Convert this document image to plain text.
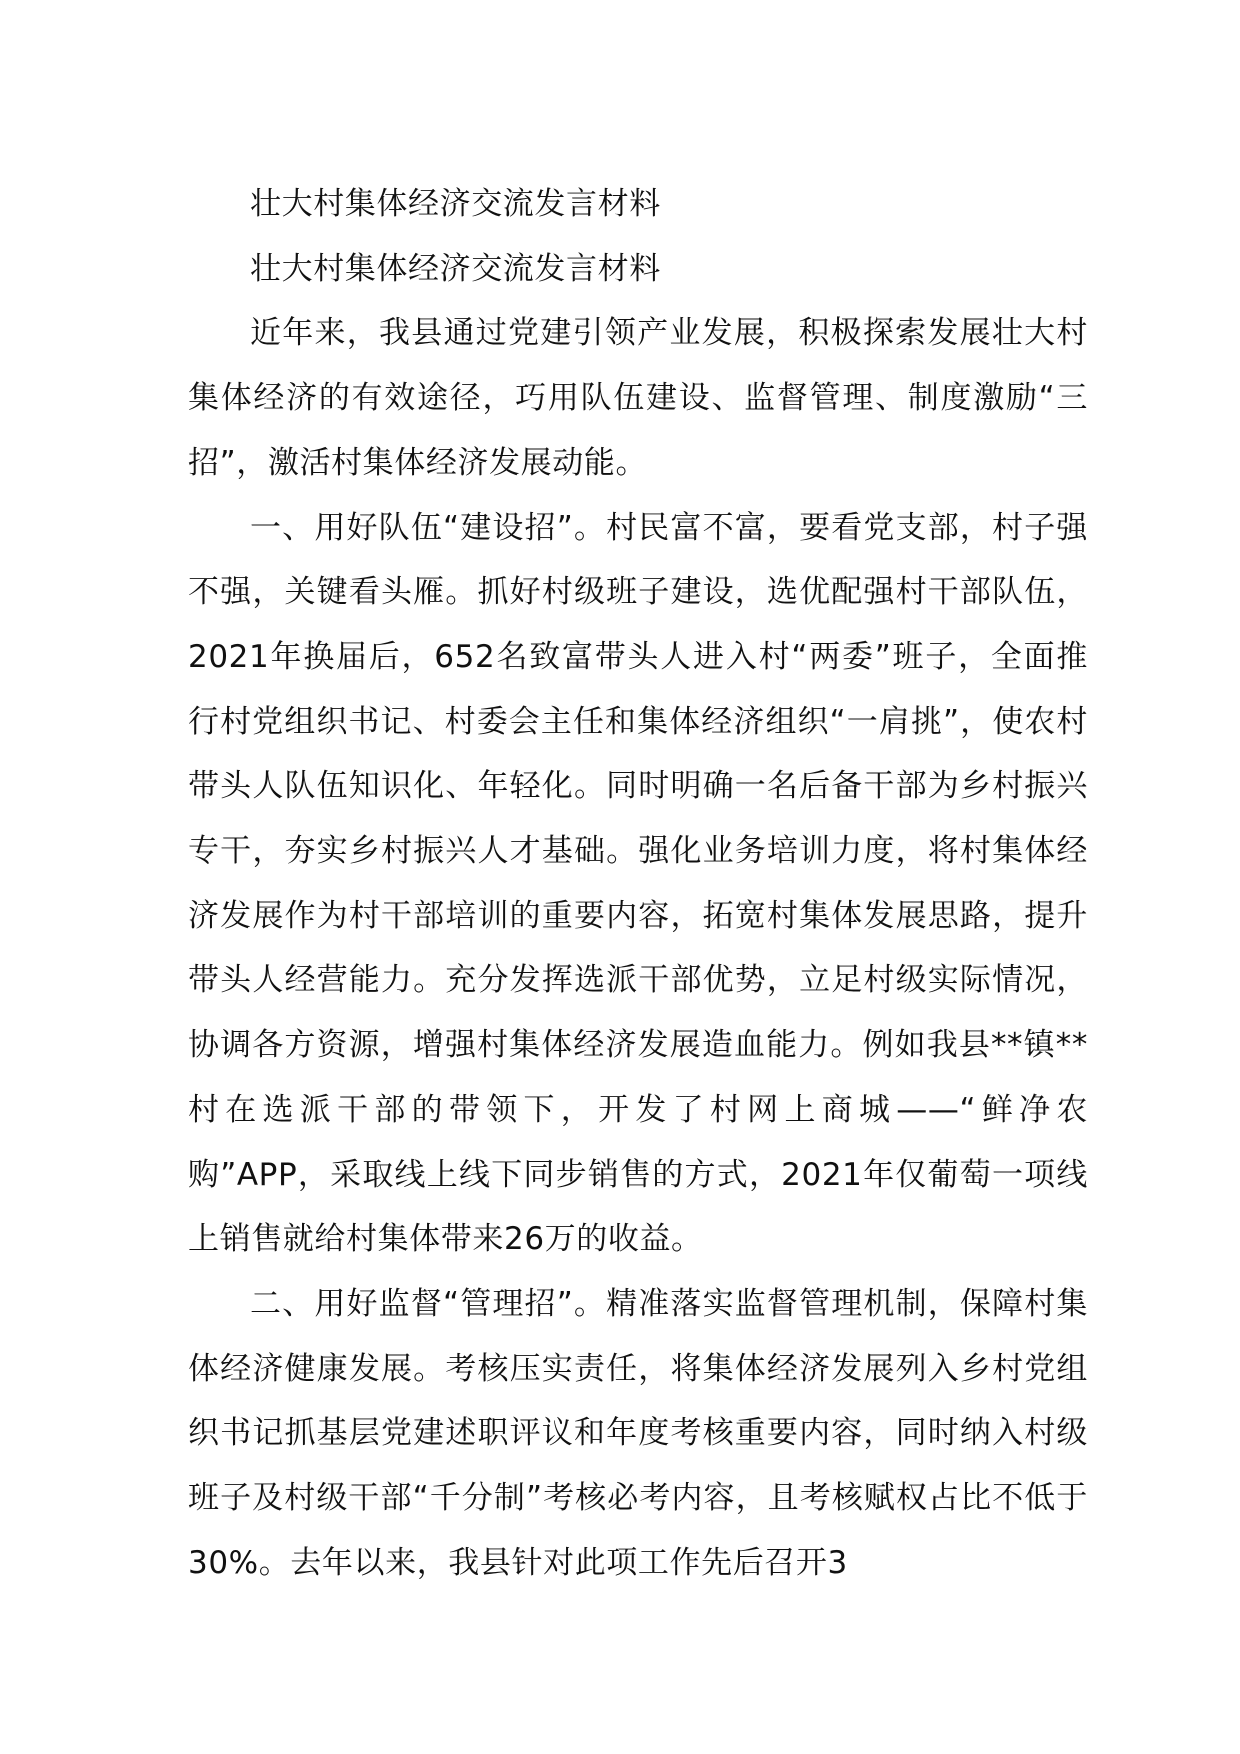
壮大村集体经济交流发言材料

壮大村集体经济交流发言材料

近年来，我县通过党建引领产业发展，积极探索发展壮大村集体经济的有效途径，巧用队伍建设、监督管理、制度激励“三招”，激活村集体经济发展动能。

一、用好队伍“建设招”。村民富不富，要看党支部，村子强不强，关键看头雁。抓好村级班子建设，选优配强村干部队伍，2021年换届后，652名致富带头人进入村“两委”班子，全面推行村党组织书记、村委会主任和集体经济组织“一肩挑”，使农村带头人队伍知识化、年轻化。同时明确一名后备干部为乡村振兴专干，夯实乡村振兴人才基础。强化业务培训力度，将村集体经济发展作为村干部培训的重要内容，拓宽村集体发展思路，提升带头人经营能力。充分发挥选派干部优势，立足村级实际情况，协调各方资源，增强村集体经济发展造血能力。例如我县**镇**村在选派干部的带领下，开发了村网上商城——“鲜净农购”APP，采取线上线下同步销售的方式，2021年仅葡萄一项线上销售就给村集体带来26万的收益。

二、用好监督“管理招”。精准落实监督管理机制，保障村集体经济健康发展。考核压实责任，将集体经济发展列入乡村党组织书记抓基层党建述职评议和年度考核重要内容，同时纳入村级班子及村级干部“千分制”考核必考内容，且考核赋权占比不低于30%。去年以来，我县针对此项工作先后召开3
